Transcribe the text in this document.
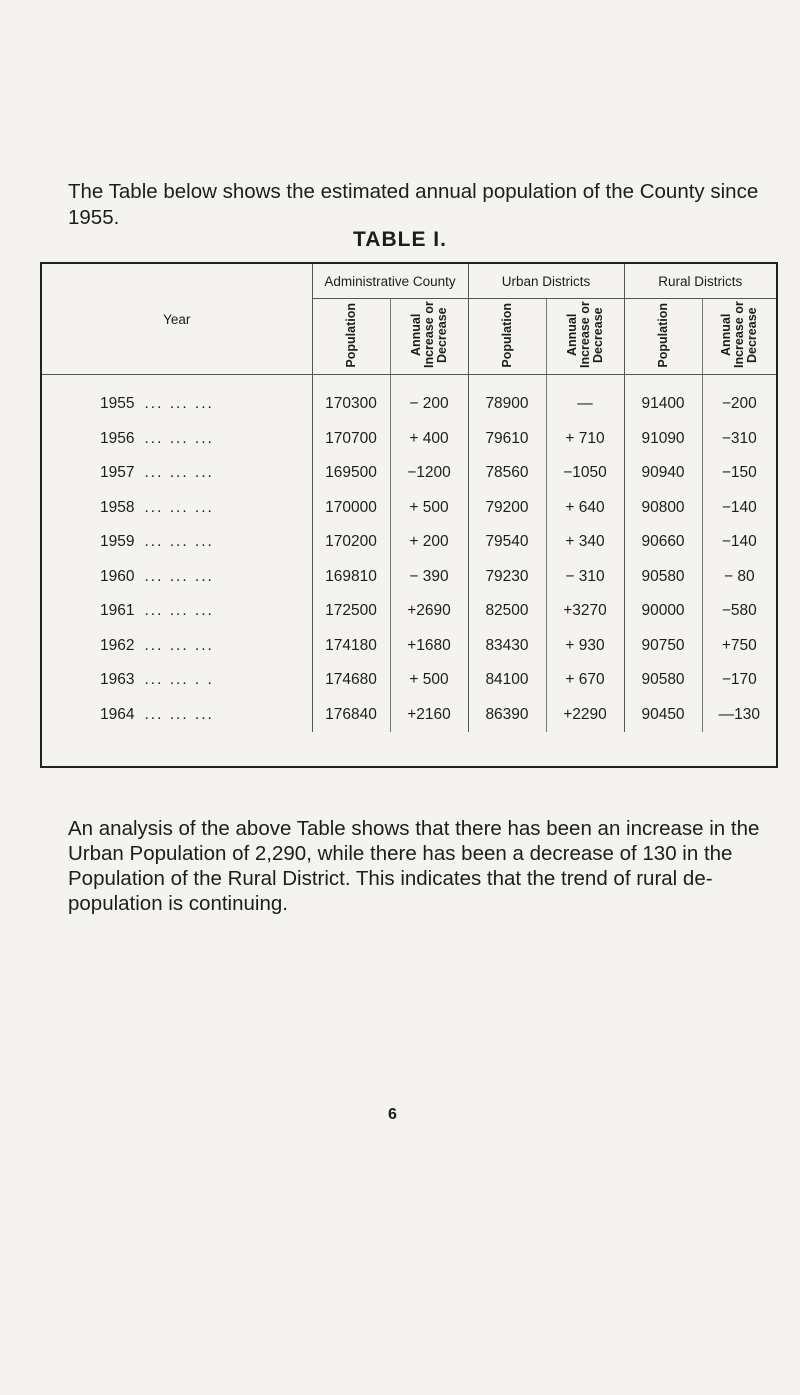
The Table below shows the estimated annual population of the County since 1955.

TABLE I.
Year	Administrative County		Urban Districts		Rural Districts	
	Population	Annual Increase or Decrease	Population	Annual Increase or Decrease	Population	Annual Increase or Decrease
1955 ... ... ...	170300	− 200	78900	—	91400	−200
1956 ... ... ...	170700	+ 400	79610	+ 710	91090	−310
1957 ... ... ...	169500	−1200	78560	−1050	90940	−150
1958 ... ... ...	170000	+ 500	79200	+ 640	90800	−140
1959 ... ... ...	170200	+ 200	79540	+ 340	90660	−140
1960 ... ... ...	169810	− 390	79230	− 310	90580	− 80
1961 ... ... ...	172500	+2690	82500	+3270	90000	−580
1962 ... ... ...	174180	+1680	83430	+ 930	90750	+750
1963 ... ... . .	174680	+ 500	84100	+ 670	90580	−170
1964 ... ... ...	176840	+2160	86390	+2290	90450	—130

An analysis of the above Table shows that there has been an increase in the Urban Population of 2,290, while there has been a decrease of 130 in the Population of the Rural District. This indicates that the trend of rural de-population is continuing.

6
